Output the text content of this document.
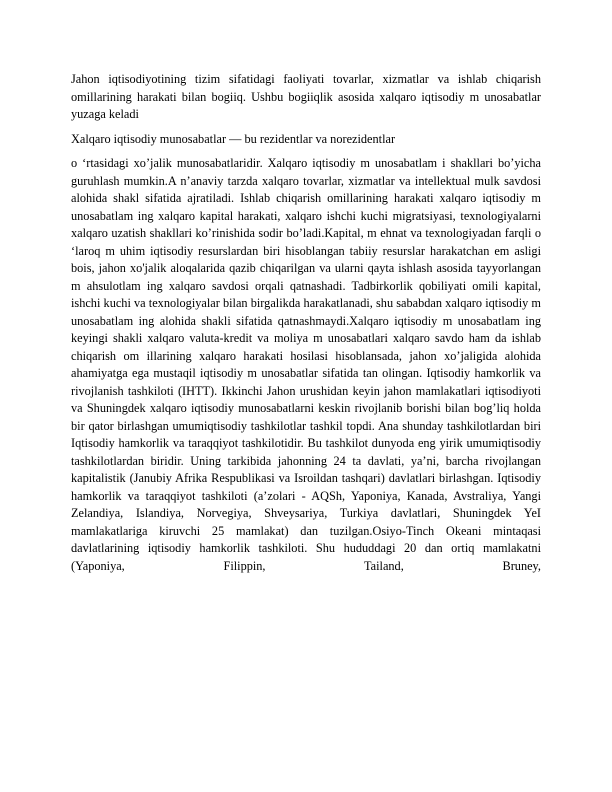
Jahon iqtisodiyotining tizim sifatidagi faoliyati tovarlar, xizmatlar va ishlab chiqarish omillarining harakati bilan bogiiq. Ushbu bogiiqlik asosida xalqaro iqtisodiy m unosabatlar yuzaga keladi

Xalqaro iqtisodiy munosabatlar — bu rezidentlar va norezidentlar

o ‘rtasidagi xo’jalik munosabatlaridir. Xalqaro iqtisodiy m unosabatlam i shakllari bo’yicha guruhlash mumkin.A n’anaviy tarzda xalqaro tovarlar, xizmatlar va intellektual mulk savdosi alohida shakl sifatida ajratiladi. Ishlab chiqarish omillarining harakati xalqaro iqtisodiy m unosabatlam ing xalqaro kapital harakati, xalqaro ishchi kuchi migratsiyasi, texnologiyalarni xalqaro uzatish shakllari ko’rinishida sodir bo’ladi.Kapital, m ehnat va texnologiyadan farqli o ‘laroq m uhim iqtisodiy resurslardan biri hisoblangan tabiiy resurslar harakatchan em asligi bois, jahon xo'jalik aloqalarida qazib chiqarilgan va ularni qayta ishlash asosida tayyorlangan m ahsulotlam ing xalqaro savdosi orqali qatnashadi. Tadbirkorlik qobiliyati omili kapital, ishchi kuchi va texnologiyalar bilan birgalikda harakatlanadi, shu sababdan xalqaro iqtisodiy m unosabatlam ing alohida shakli sifatida qatnashmaydi.Xalqaro iqtisodiy m unosabatlam ing keyingi shakli xalqaro valuta-kredit va moliya m unosabatlari xalqaro savdo ham da ishlab chiqarish om illarining xalqaro harakati hosilasi hisoblansada, jahon xo’jaligida alohida ahamiyatga ega mustaqil iqtisodiy m unosabatlar sifatida tan olingan. Iqtisodiy hamkorlik va rivojlanish tashkiloti (IHTT). Ikkinchi Jahon urushidan keyin jahon mamlakatlari iqtisodiyoti va Shuningdek xalqaro iqtisodiy munosabatlarni keskin rivojlanib borishi bilan bog’liq holda bir qator birlashgan umumiqtisodiy tashkilotlar tashkil topdi. Ana shunday tashkilotlardan biri Iqtisodiy hamkorlik va taraqqiyot tashkilotidir. Bu tashkilot dunyoda eng yirik umumiqtisodiy tashkilotlardan biridir. Uning tarkibida jahonning 24 ta davlati, ya’ni, barcha rivojlangan kapitalistik (Janubiy Afrika Respublikasi va Isroildan tashqari) davlatlari birlashgan. Iqtisodiy hamkorlik va taraqqiyot tashkiloti (a’zolari - AQSh, Yaponiya, Kanada, Avstraliya, Yangi Zelandiya, Islandiya, Norvegiya, Shveysariya, Turkiya davlatlari, Shuningdek YeI mamlakatlariga kiruvchi 25 mamlakat) dan tuzilgan.Osiyo-Tinch Okeani mintaqasi davlatlarining iqtisodiy hamkorlik tashkiloti. Shu hududdagi 20 dan ortiq mamlakatni (Yaponiya, Filippin, Tailand, Bruney,
